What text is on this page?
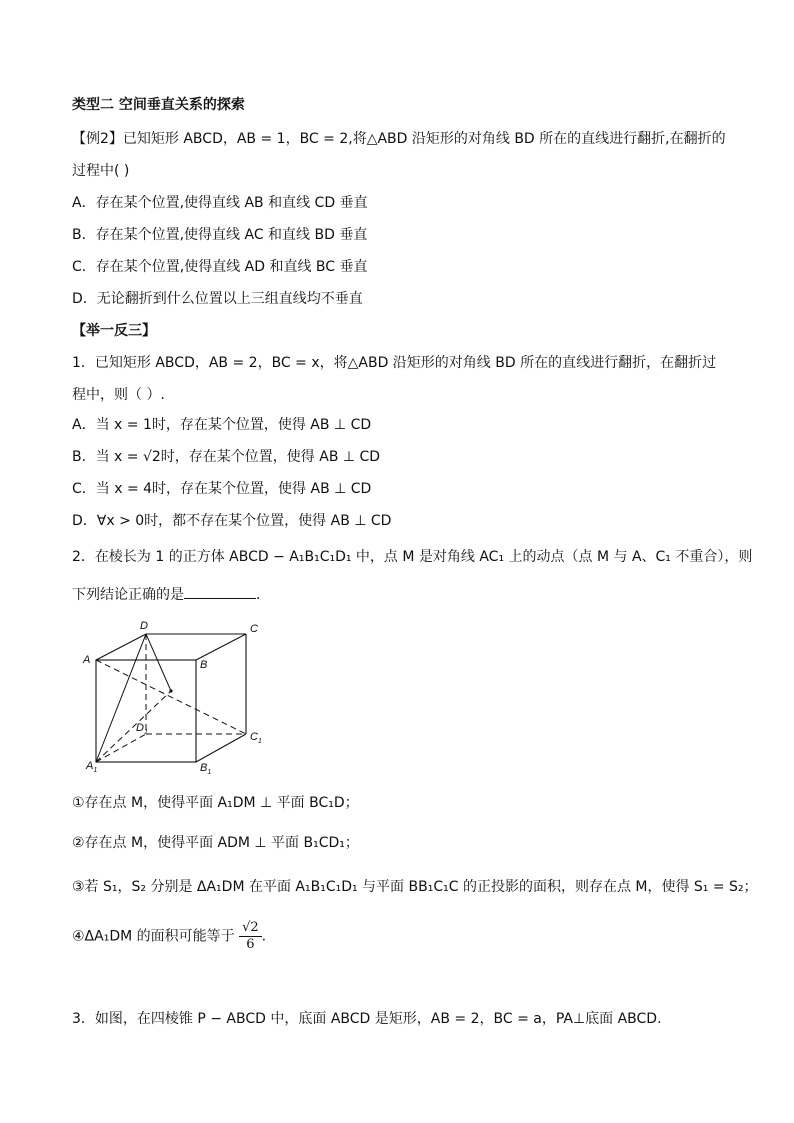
类型二 空间垂直关系的探索
【例2】已知矩形 ABCD，AB = 1，BC = 2,将△ABD 沿矩形的对角线 BD 所在的直线进行翻折,在翻折的
过程中( )
A．存在某个位置,使得直线 AB 和直线 CD 垂直
B．存在某个位置,使得直线 AC 和直线 BD 垂直
C．存在某个位置,使得直线 AD 和直线 BC 垂直
D．无论翻折到什么位置以上三组直线均不垂直
【举一反三】
1．已知矩形 ABCD，AB = 2，BC = x，将△ABD 沿矩形的对角线 BD 所在的直线进行翻折，在翻折过
程中，则（ ）.
A．当 x = 1时，存在某个位置，使得 AB ⊥ CD
B．当 x = √2时，存在某个位置，使得 AB ⊥ CD
C．当 x = 4时，存在某个位置，使得 AB ⊥ CD
D．∀x > 0时，都不存在某个位置，使得 AB ⊥ CD
2．在棱长为 1 的正方体 ABCD − A₁B₁C₁D₁ 中，点 M 是对角线 AC₁ 上的动点（点 M 与 A、C₁ 不重合），则
下列结论正确的是	．
D	C
A	B
$D_1$	$C_1$
$A_1$	$B_1$
①存在点 M，使得平面 A₁DM ⊥ 平面 BC₁D；
②存在点 M，使得平面 ADM ⊥ 平面 B₁CD₁；
③若 S₁，S₂ 分别是 ΔA₁DM 在平面 A₁B₁C₁D₁ 与平面 BB₁C₁C 的正投影的面积，则存在点 M，使得 S₁ = S₂；
④ΔA₁DM 的面积可能等于 $\frac{√2}{6}$ .
3．如图，在四棱锥 P − ABCD 中，底面 ABCD 是矩形，AB = 2，BC = a，PA⊥底面 ABCD.
